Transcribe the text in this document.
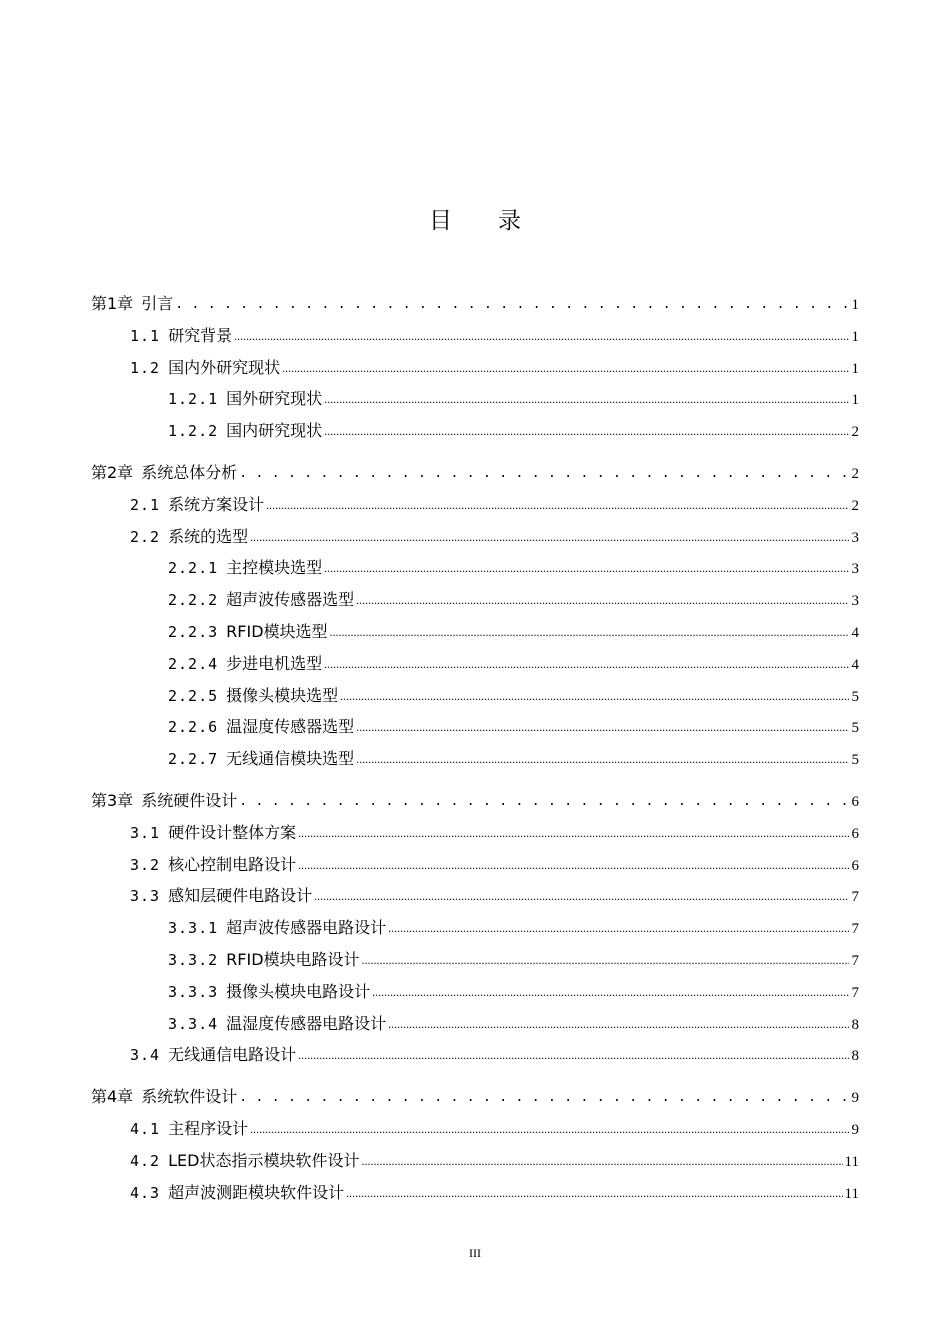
目录
第1章 引言 . . .	1
1.1 研究背景 .....	1
1.2 国内外研究现状 .....	1
1.2.1 国外研究现状 .....	1
1.2.2 国内研究现状 .....	2
第2章 系统总体分析 . . .	2
2.1 系统方案设计 .....	2
2.2 系统的选型 .....	3
2.2.1 主控模块选型 .....	3
2.2.2 超声波传感器选型 .....	3
2.2.3 RFID模块选型 .....	4
2.2.4 步进电机选型 .....	4
2.2.5 摄像头模块选型 .....	5
2.2.6 温湿度传感器选型 .....	5
2.2.7 无线通信模块选型 .....	5
第3章 系统硬件设计 . . .	6
3.1 硬件设计整体方案 .....	6
3.2 核心控制电路设计 .....	6
3.3 感知层硬件电路设计 .....	7
3.3.1 超声波传感器电路设计 .....	7
3.3.2 RFID模块电路设计 .....	7
3.3.3 摄像头模块电路设计 .....	7
3.3.4 温湿度传感器电路设计 .....	8
3.4 无线通信电路设计 .....	8
第4章 系统软件设计 . . .	9
4.1 主程序设计 .....	9
4.2 LED状态指示模块软件设计 .....	11
4.3 超声波测距模块软件设计 .....	11
III
